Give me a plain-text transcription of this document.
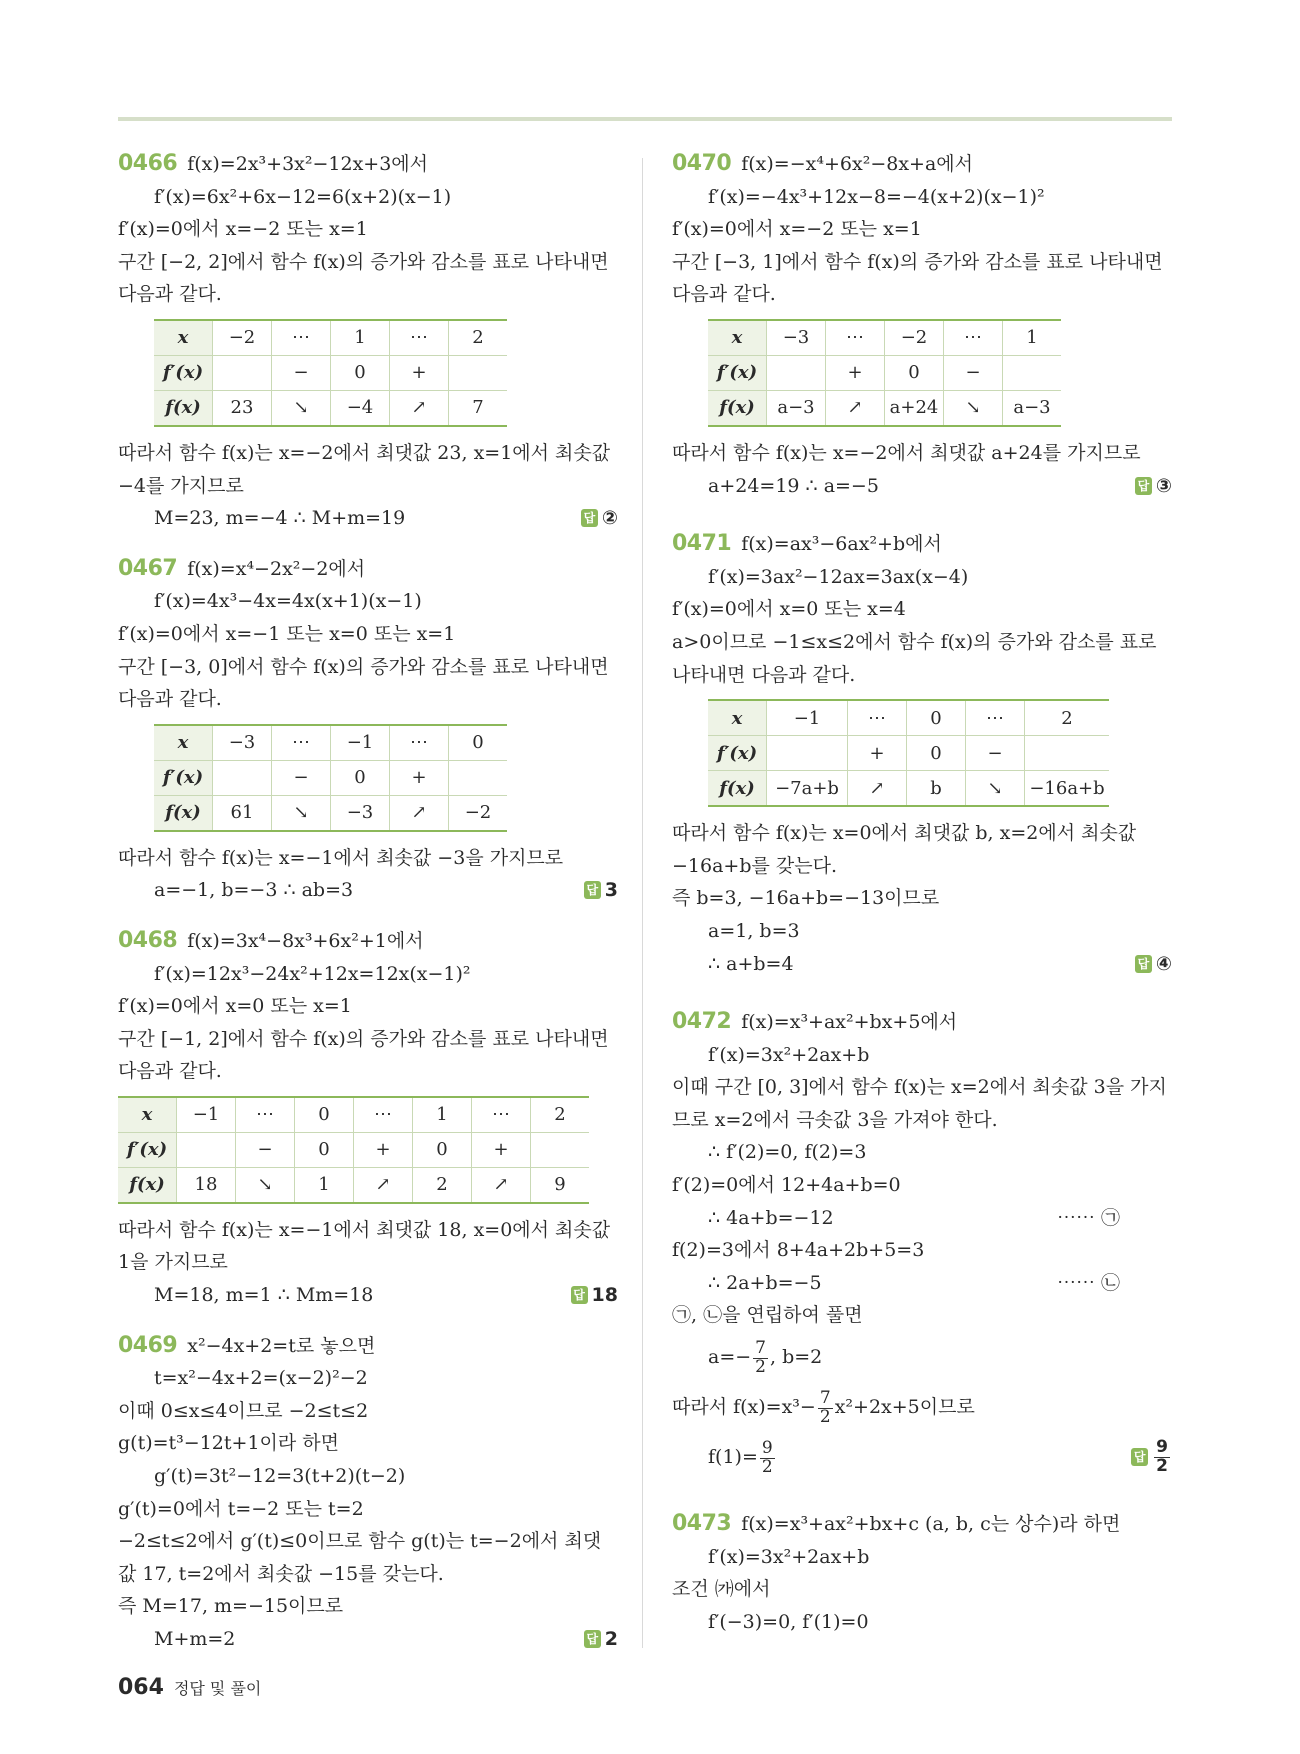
0466 f(x)=2x³+3x²−12x+3에서
f′(x)=6x²+6x−12=6(x+2)(x−1)
f′(x)=0에서 x=−2 또는 x=1
구간 [−2, 2]에서 함수 f(x)의 증가와 감소를 표로 나타내면
다음과 같다.
x	−2	⋯	1	⋯	2
f′(x)		−	0	+	
f(x)	23	↘	−4	↗	7
따라서 함수 f(x)는 x=−2에서 최댓값 23, x=1에서 최솟값
−4를 가지므로
M=23, m=−4 ∴ M+m=19	답 ②
0467 f(x)=x⁴−2x²−2에서
f′(x)=4x³−4x=4x(x+1)(x−1)
f′(x)=0에서 x=−1 또는 x=0 또는 x=1
구간 [−3, 0]에서 함수 f(x)의 증가와 감소를 표로 나타내면
다음과 같다.
x	−3	⋯	−1	⋯	0
f′(x)		−	0	+	
f(x)	61	↘	−3	↗	−2
따라서 함수 f(x)는 x=−1에서 최솟값 −3을 가지므로
a=−1, b=−3 ∴ ab=3	답 3
0468 f(x)=3x⁴−8x³+6x²+1에서
f′(x)=12x³−24x²+12x=12x(x−1)²
f′(x)=0에서 x=0 또는 x=1
구간 [−1, 2]에서 함수 f(x)의 증가와 감소를 표로 나타내면
다음과 같다.
x	−1	⋯	0	⋯	1	⋯	2
f′(x)		−	0	+	0	+	
f(x)	18	↘	1	↗	2	↗	9
따라서 함수 f(x)는 x=−1에서 최댓값 18, x=0에서 최솟값
1을 가지므로
M=18, m=1 ∴ Mm=18	답 18
0469 x²−4x+2=t로 놓으면
t=x²−4x+2=(x−2)²−2
이때 0≤x≤4이므로 −2≤t≤2
g(t)=t³−12t+1이라 하면
g′(t)=3t²−12=3(t+2)(t−2)
g′(t)=0에서 t=−2 또는 t=2
−2≤t≤2에서 g′(t)≤0이므로 함수 g(t)는 t=−2에서 최댓
값 17, t=2에서 최솟값 −15를 갖는다.
즉 M=17, m=−15이므로
M+m=2	답 2
0470 f(x)=−x⁴+6x²−8x+a에서
f′(x)=−4x³+12x−8=−4(x+2)(x−1)²
f′(x)=0에서 x=−2 또는 x=1
구간 [−3, 1]에서 함수 f(x)의 증가와 감소를 표로 나타내면
다음과 같다.
x	−3	⋯	−2	⋯	1
f′(x)		+	0	−	
f(x)	a−3	↗	a+24	↘	a−3
따라서 함수 f(x)는 x=−2에서 최댓값 a+24를 가지므로
a+24=19 ∴ a=−5	답 ③
0471 f(x)=ax³−6ax²+b에서
f′(x)=3ax²−12ax=3ax(x−4)
f′(x)=0에서 x=0 또는 x=4
a>0이므로 −1≤x≤2에서 함수 f(x)의 증가와 감소를 표로
나타내면 다음과 같다.
x	−1	⋯	0	⋯	2
f′(x)		+	0	−	
f(x)	−7a+b	↗	b	↘	−16a+b
따라서 함수 f(x)는 x=0에서 최댓값 b, x=2에서 최솟값
−16a+b를 갖는다.
즉 b=3, −16a+b=−13이므로
a=1, b=3
∴ a+b=4	답 ④
0472 f(x)=x³+ax²+bx+5에서
f′(x)=3x²+2ax+b
이때 구간 [0, 3]에서 함수 f(x)는 x=2에서 최솟값 3을 가지
므로 x=2에서 극솟값 3을 가져야 한다.
∴ f′(2)=0, f(2)=3
f′(2)=0에서 12+4a+b=0
∴ 4a+b=−12	⋯⋯ ㉠
f(2)=3에서 8+4a+2b+5=3
∴ 2a+b=−5	⋯⋯ ㉡
㉠, ㉡을 연립하여 풀면
$a=- \frac{7}{2}$ , b=2
따라서 $f(x)=x^3- \frac{7}{2} x^2+2x+5$이므로
$f(1)= \frac{9}{2}$	답 $\frac{9}{2}$
0473 f(x)=x³+ax²+bx+c (a, b, c는 상수)라 하면
f′(x)=3x²+2ax+b
조건 ㈎에서
f′(−3)=0, f′(1)=0
064 정답 및 풀이
